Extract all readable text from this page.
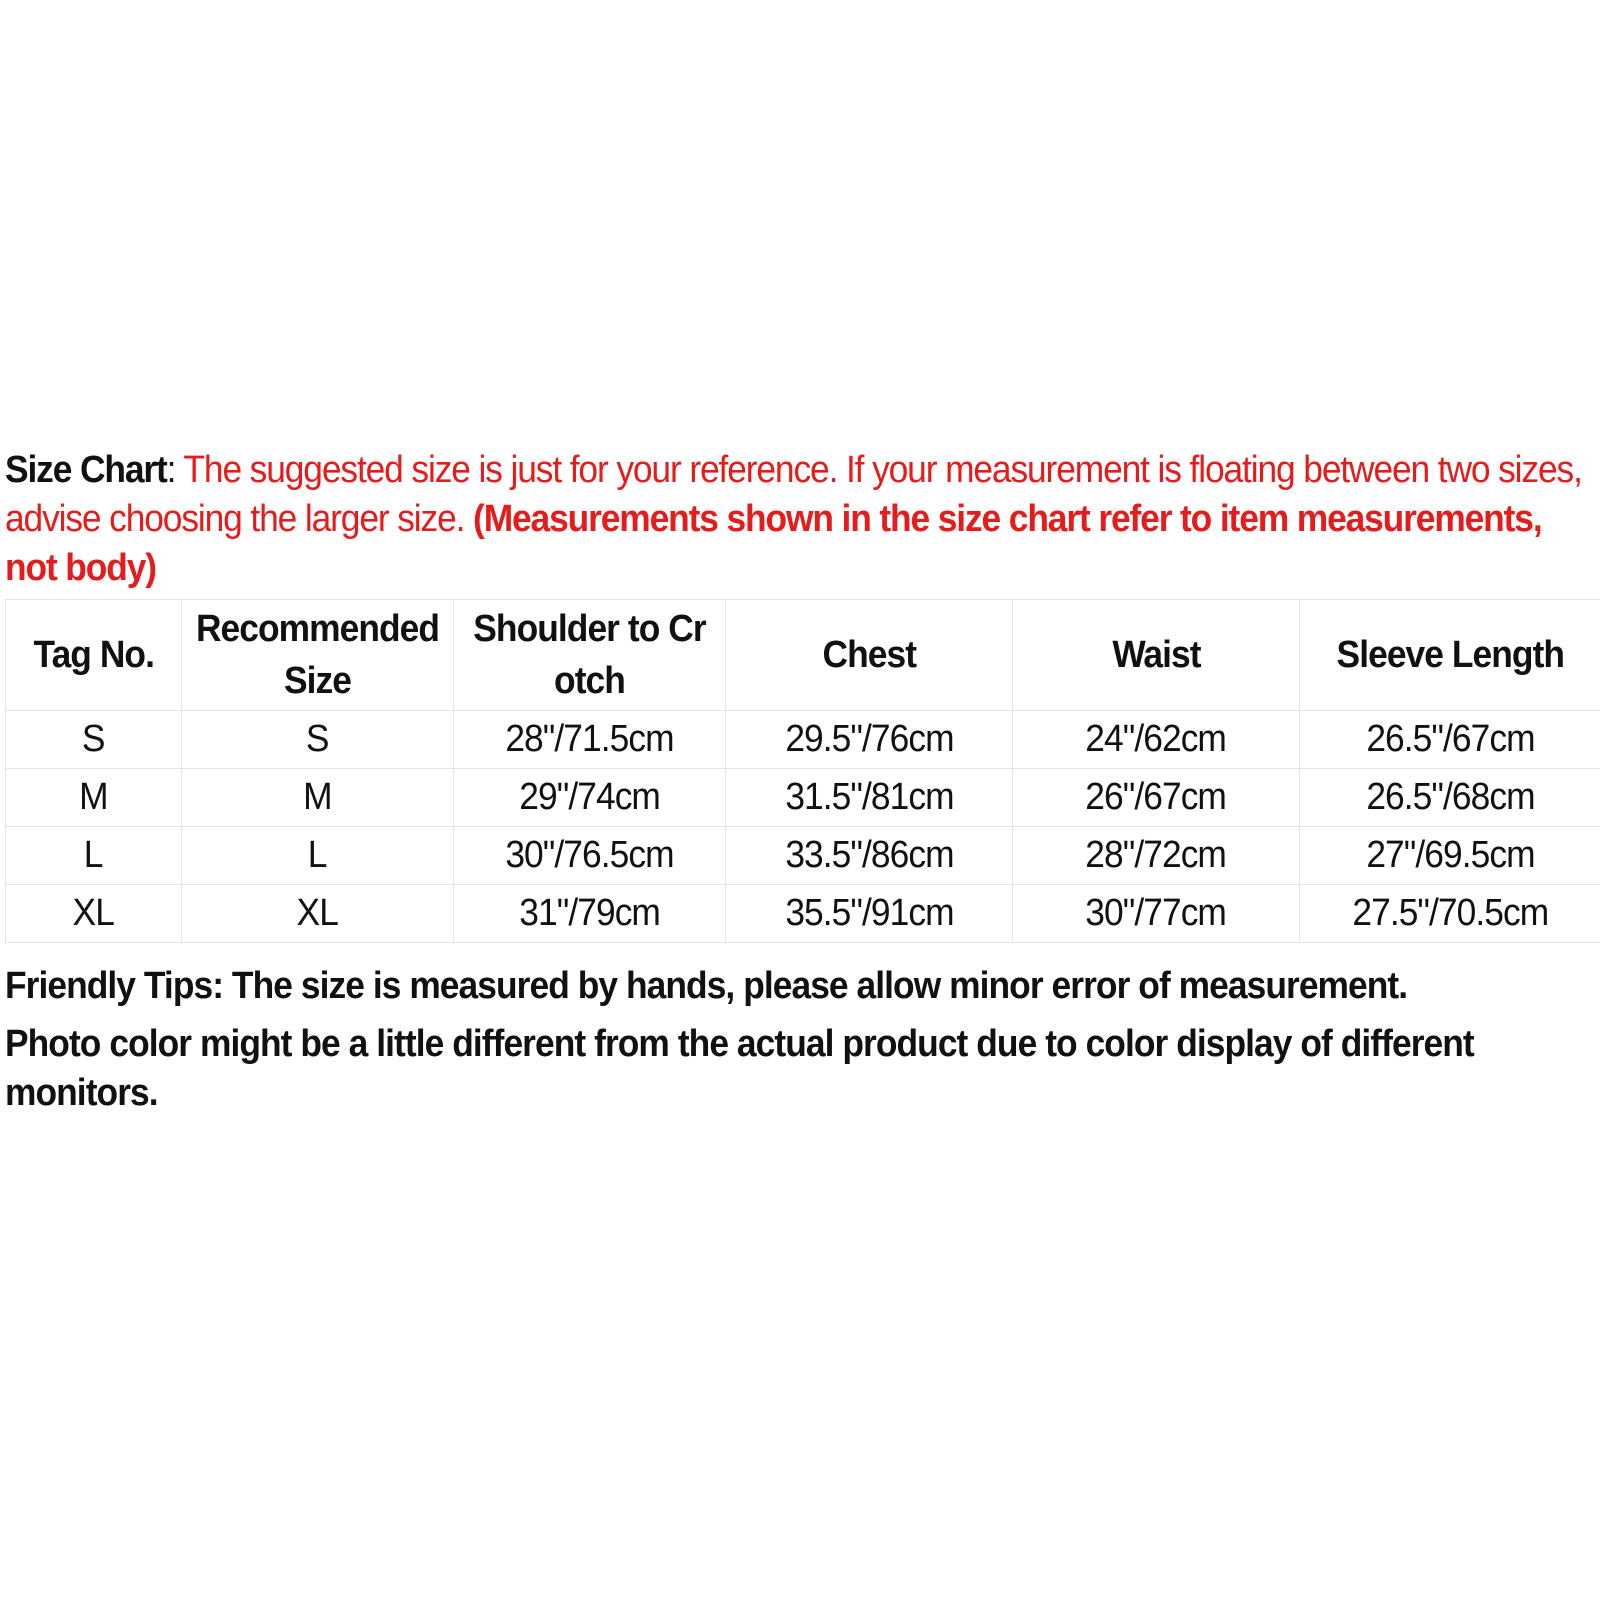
Size Chart: The suggested size is just for your reference. If your measurement is floating between two sizes, advise choosing the larger size. (Measurements shown in the size chart refer to item measurements, not body)
Tag No.	Recommended Size	Shoulder to Cr otch	Chest	Waist	Sleeve Length
S	S	28"/71.5cm	29.5"/76cm	24"/62cm	26.5"/67cm
M	M	29"/74cm	31.5"/81cm	26"/67cm	26.5"/68cm
L	L	30"/76.5cm	33.5"/86cm	28"/72cm	27"/69.5cm
XL	XL	31"/79cm	35.5"/91cm	30"/77cm	27.5"/70.5cm
Friendly Tips: The size is measured by hands, please allow minor error of measurement.
Photo color might be a little different from the actual product due to color display of different monitors.
